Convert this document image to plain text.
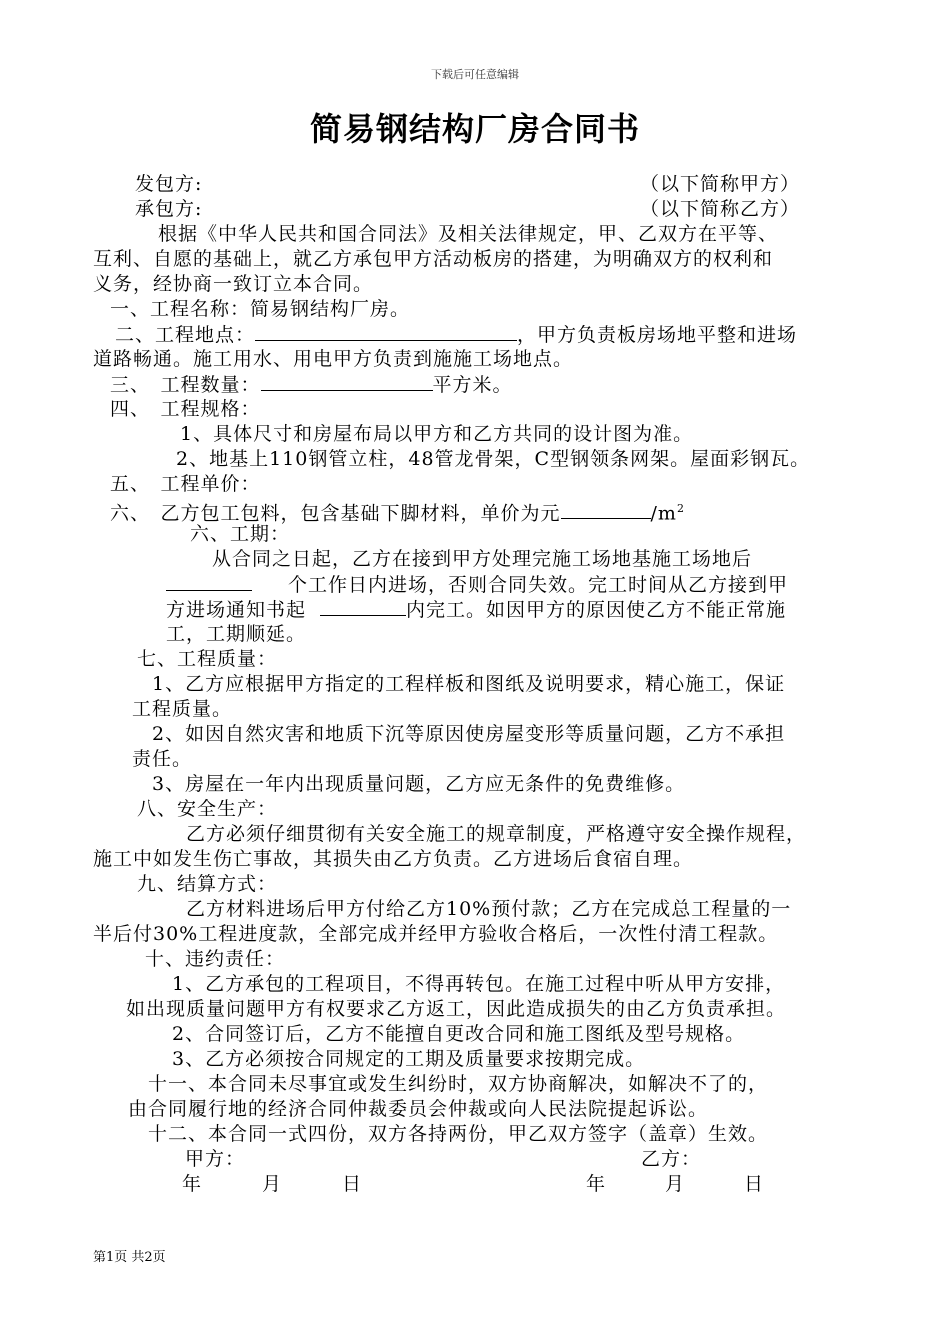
下载后可任意编辑
简易钢结构厂房合同书
发包方:	（以下简称甲方）
承包方:	（以下简称乙方）
根据《中华人民共和国合同法》及相关法律规定，甲、乙双方在平等、
互利、自愿的基础上，就乙方承包甲方活动板房的搭建，为明确双方的权利和
义务，经协商一致订立本合同。
一、工程名称：简易钢结构厂房。
二、工程地点：	，甲方负责板房场地平整和进场
道路畅通。施工用水、用电甲方负责到施施工场地点。
三、　工程数量：	平方米。
四、　工程规格：
1、具体尺寸和房屋布局以甲方和乙方共同的设计图为准。
2、地基上110钢管立柱，48管龙骨架，C型钢领条网架。屋面彩钢瓦。
五、　工程单价：
六、　乙方包工包料，包含基础下脚材料，单价为元	$/m^2$
六、工期：
从合同之日起，乙方在接到甲方处理完施工场地基施工场地后
个工作日内进场，否则合同失效。完工时间从乙方接到甲
方进场通知书起	内完工。如因甲方的原因使乙方不能正常施
工，工期顺延。
七、工程质量：
1、乙方应根据甲方指定的工程样板和图纸及说明要求，精心施工，保证
工程质量。
2、如因自然灾害和地质下沉等原因使房屋变形等质量问题，乙方不承担
责任。
3、房屋在一年内出现质量问题，乙方应无条件的免费维修。
八、安全生产：
乙方必须仔细贯彻有关安全施工的规章制度，严格遵守安全操作规程，
施工中如发生伤亡事故，其损失由乙方负责。乙方进场后食宿自理。
九、结算方式：
乙方材料进场后甲方付给乙方10%预付款；乙方在完成总工程量的一
半后付30%工程进度款，全部完成并经甲方验收合格后，一次性付清工程款。
十、违约责任：
1、乙方承包的工程项目，不得再转包。在施工过程中听从甲方安排，
如出现质量问题甲方有权要求乙方返工，因此造成损失的由乙方负责承担。
2、合同签订后，乙方不能擅自更改合同和施工图纸及型号规格。
3、乙方必须按合同规定的工期及质量要求按期完成。
十一、本合同未尽事宜或发生纠纷时，双方协商解决，如解决不了的，
由合同履行地的经济合同仲裁委员会仲裁或向人民法院提起诉讼。
十二、本合同一式四份，双方各持两份，甲乙双方签字（盖章）生效。
甲方：	乙方：
年	月	日	年	月	日
第1页 共2页
